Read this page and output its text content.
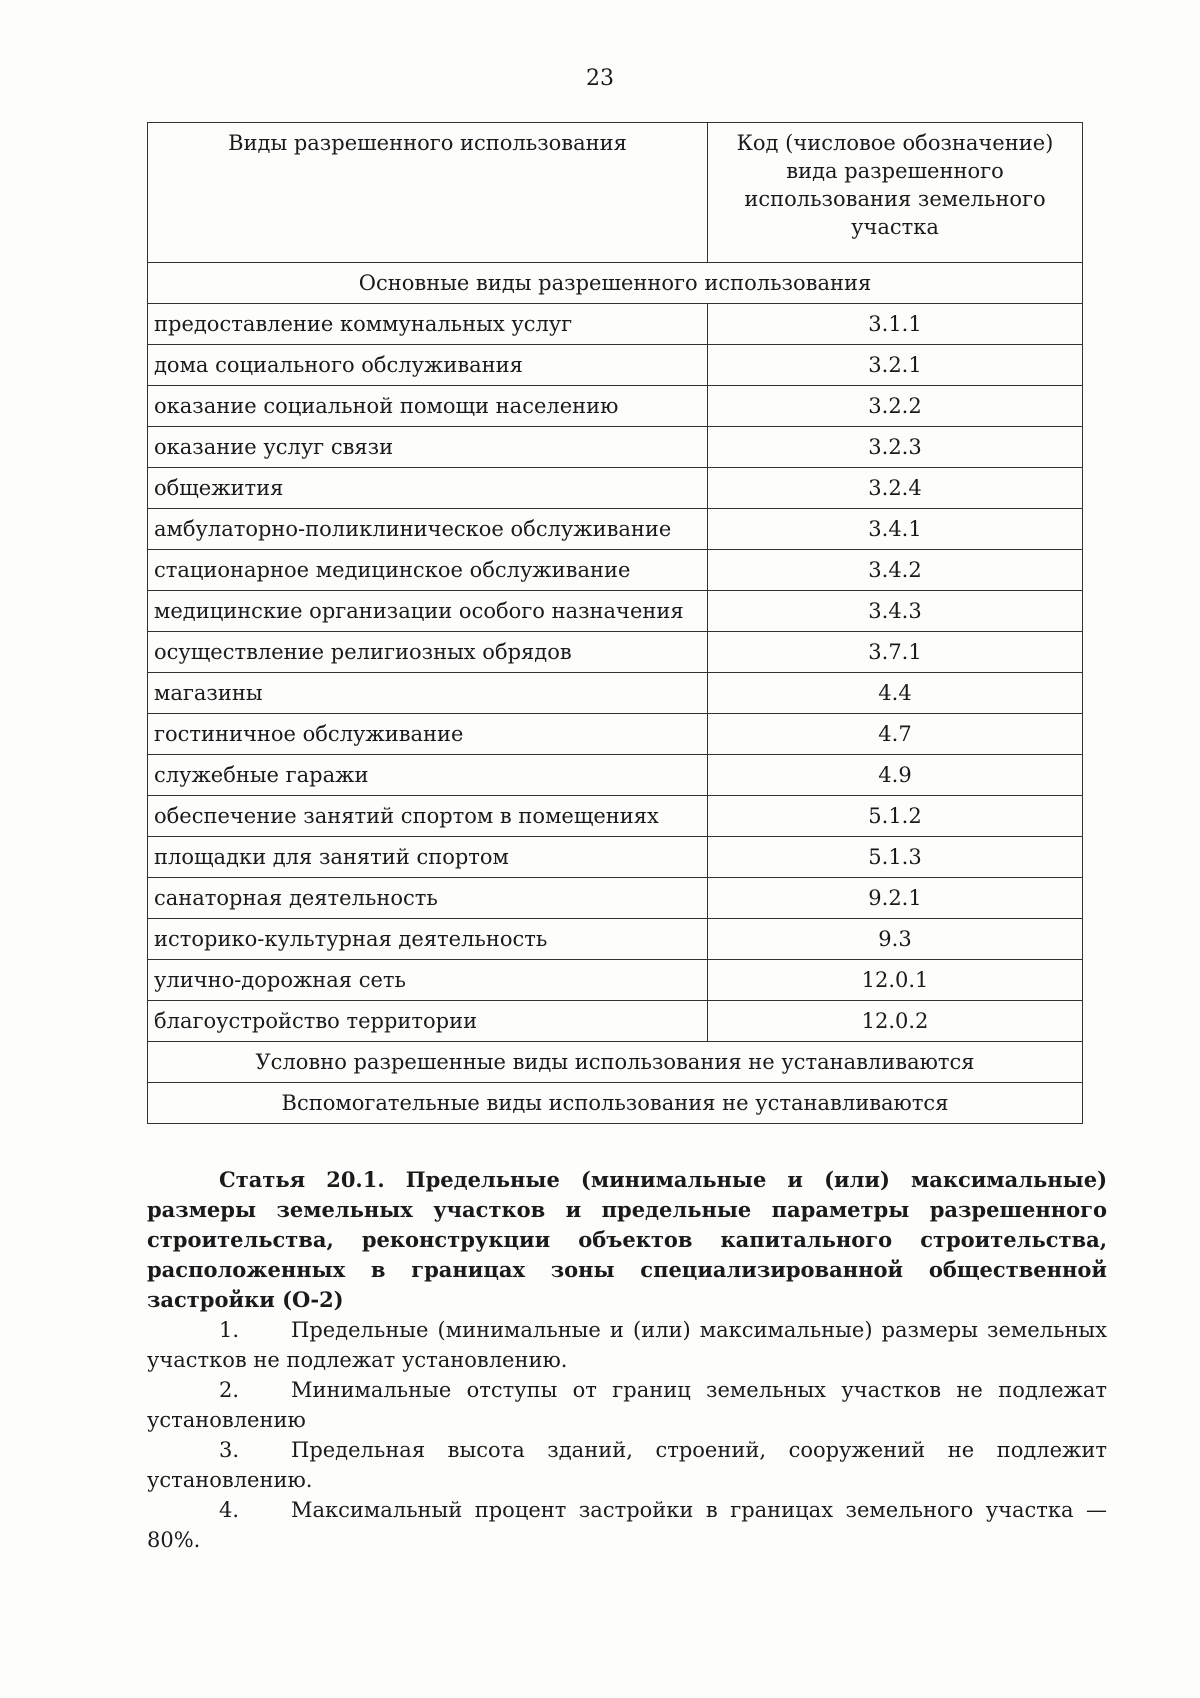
23
Виды разрешенного использования	Код (числовое обозначение) вида разрешенного использования земельного участка
Основные виды разрешенного использования	
предоставление коммунальных услуг	3.1.1
дома социального обслуживания	3.2.1
оказание социальной помощи населению	3.2.2
оказание услуг связи	3.2.3
общежития	3.2.4
амбулаторно-поликлиническое обслуживание	3.4.1
стационарное медицинское обслуживание	3.4.2
медицинские организации особого назначения	3.4.3
осуществление религиозных обрядов	3.7.1
магазины	4.4
гостиничное обслуживание	4.7
служебные гаражи	4.9
обеспечение занятий спортом в помещениях	5.1.2
площадки для занятий спортом	5.1.3
санаторная деятельность	9.2.1
историко-культурная деятельность	9.3
улично-дорожная сеть	12.0.1
благоустройство территории	12.0.2
Условно разрешенные виды использования не устанавливаются	
Вспомогательные виды использования не устанавливаются	

Статья 20.1. Предельные (минимальные и (или) максимальные) размеры земельных участков и предельные параметры разрешенного строительства, реконструкции объектов капитального строительства, расположенных в границах зоны специализированной общественной застройки (О-2)

1. Предельные (минимальные и (или) максимальные) размеры земельных участков не подлежат установлению.

2. Минимальные отступы от границ земельных участков не подлежат установлению

3. Предельная высота зданий, строений, сооружений не подлежит установлению.

4. Максимальный процент застройки в границах земельного участка — 80%.
